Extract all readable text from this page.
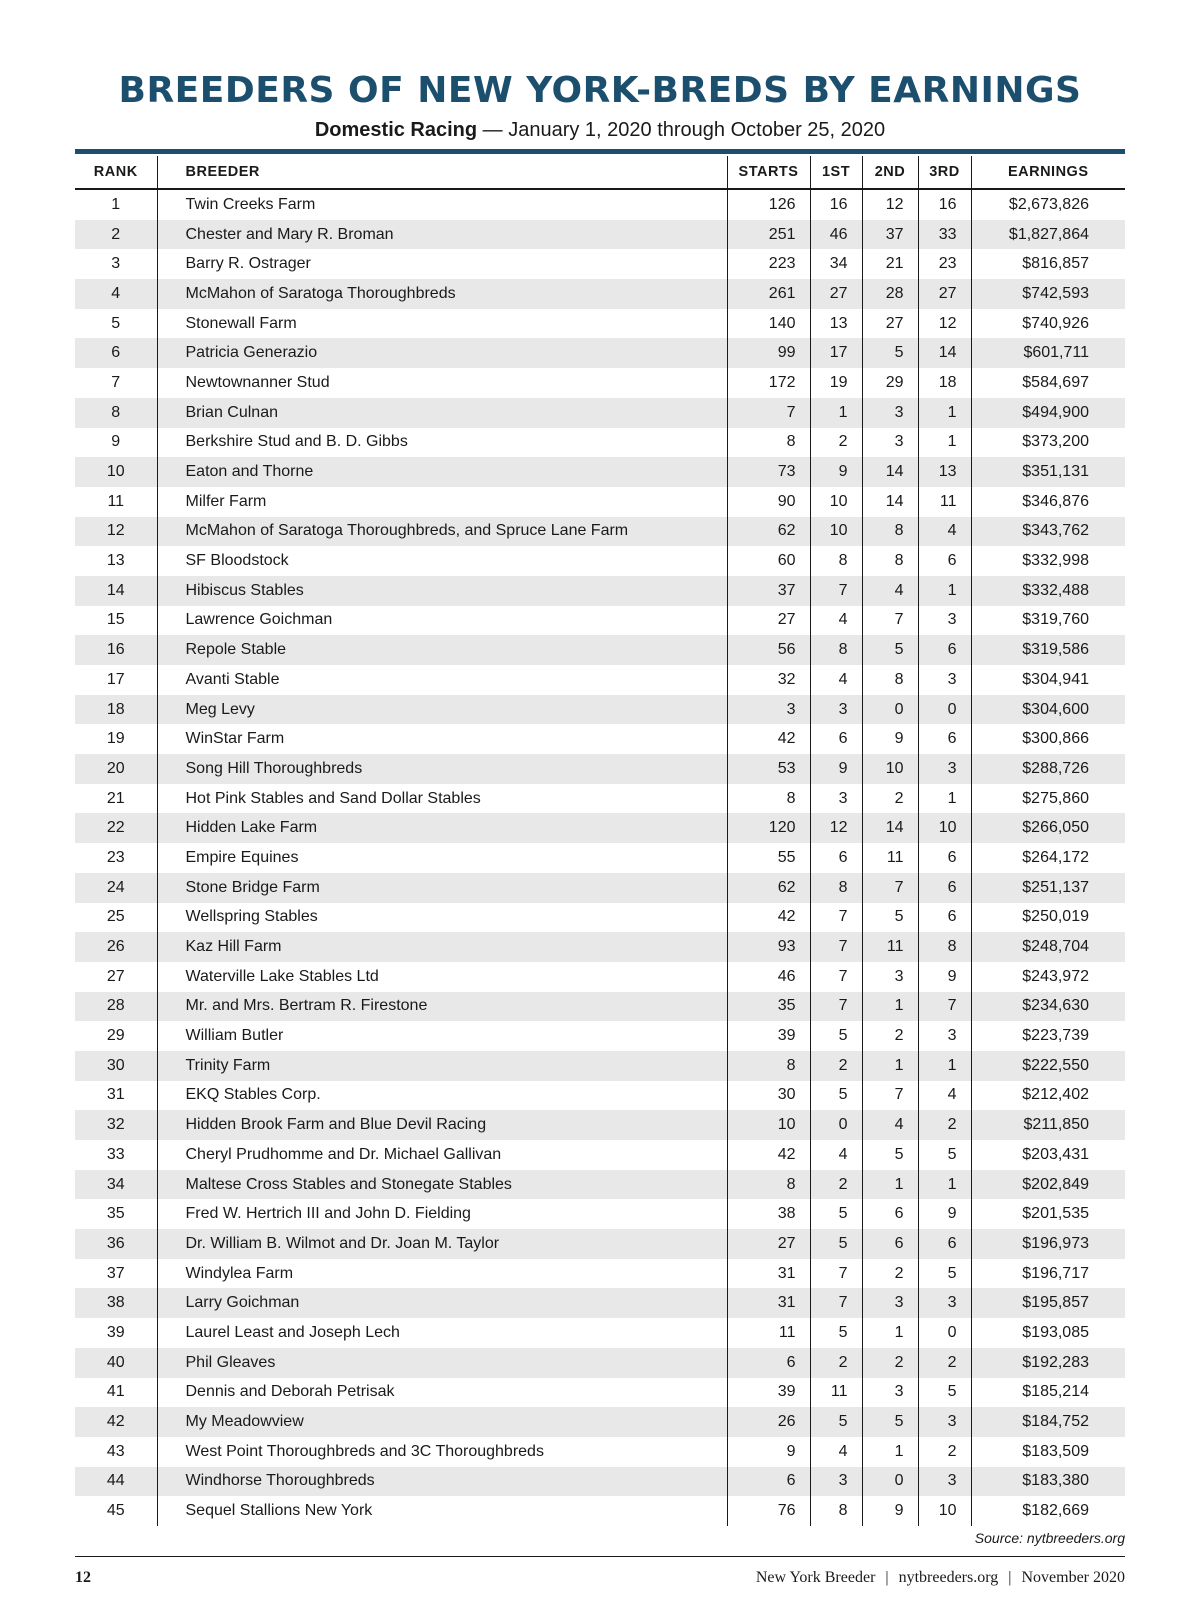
BREEDERS OF NEW YORK-BREDS BY EARNINGS

Domestic Racing — January 1, 2020 through October 25, 2020

RANK	BREEDER	STARTS	1ST	2ND	3RD	EARNINGS
1	Twin Creeks Farm	126	16	12	16	$2,673,826
2	Chester and Mary R. Broman	251	46	37	33	$1,827,864
3	Barry R. Ostrager	223	34	21	23	$816,857
4	McMahon of Saratoga Thoroughbreds	261	27	28	27	$742,593
5	Stonewall Farm	140	13	27	12	$740,926
6	Patricia Generazio	99	17	5	14	$601,711
7	Newtownanner Stud	172	19	29	18	$584,697
8	Brian Culnan	7	1	3	1	$494,900
9	Berkshire Stud and B. D. Gibbs	8	2	3	1	$373,200
10	Eaton and Thorne	73	9	14	13	$351,131
11	Milfer Farm	90	10	14	11	$346,876
12	McMahon of Saratoga Thoroughbreds, and Spruce Lane Farm	62	10	8	4	$343,762
13	SF Bloodstock	60	8	8	6	$332,998
14	Hibiscus Stables	37	7	4	1	$332,488
15	Lawrence Goichman	27	4	7	3	$319,760
16	Repole Stable	56	8	5	6	$319,586
17	Avanti Stable	32	4	8	3	$304,941
18	Meg Levy	3	3	0	0	$304,600
19	WinStar Farm	42	6	9	6	$300,866
20	Song Hill Thoroughbreds	53	9	10	3	$288,726
21	Hot Pink Stables and Sand Dollar Stables	8	3	2	1	$275,860
22	Hidden Lake Farm	120	12	14	10	$266,050
23	Empire Equines	55	6	11	6	$264,172
24	Stone Bridge Farm	62	8	7	6	$251,137
25	Wellspring Stables	42	7	5	6	$250,019
26	Kaz Hill Farm	93	7	11	8	$248,704
27	Waterville Lake Stables Ltd	46	7	3	9	$243,972
28	Mr. and Mrs. Bertram R. Firestone	35	7	1	7	$234,630
29	William Butler	39	5	2	3	$223,739
30	Trinity Farm	8	2	1	1	$222,550
31	EKQ Stables Corp.	30	5	7	4	$212,402
32	Hidden Brook Farm and Blue Devil Racing	10	0	4	2	$211,850
33	Cheryl Prudhomme and Dr. Michael Gallivan	42	4	5	5	$203,431
34	Maltese Cross Stables and Stonegate Stables	8	2	1	1	$202,849
35	Fred W. Hertrich III and John D. Fielding	38	5	6	9	$201,535
36	Dr. William B. Wilmot and Dr. Joan M. Taylor	27	5	6	6	$196,973
37	Windylea Farm	31	7	2	5	$196,717
38	Larry Goichman	31	7	3	3	$195,857
39	Laurel Least and Joseph Lech	11	5	1	0	$193,085
40	Phil Gleaves	6	2	2	2	$192,283
41	Dennis and Deborah Petrisak	39	11	3	5	$185,214
42	My Meadowview	26	5	5	3	$184,752
43	West Point Thoroughbreds and 3C Thoroughbreds	9	4	1	2	$183,509
44	Windhorse Thoroughbreds	6	3	0	3	$183,380
45	Sequel Stallions New York	76	8	9	10	$182,669
Source: nytbreeders.org
12	New York Breeder | nytbreeders.org | November 2020
